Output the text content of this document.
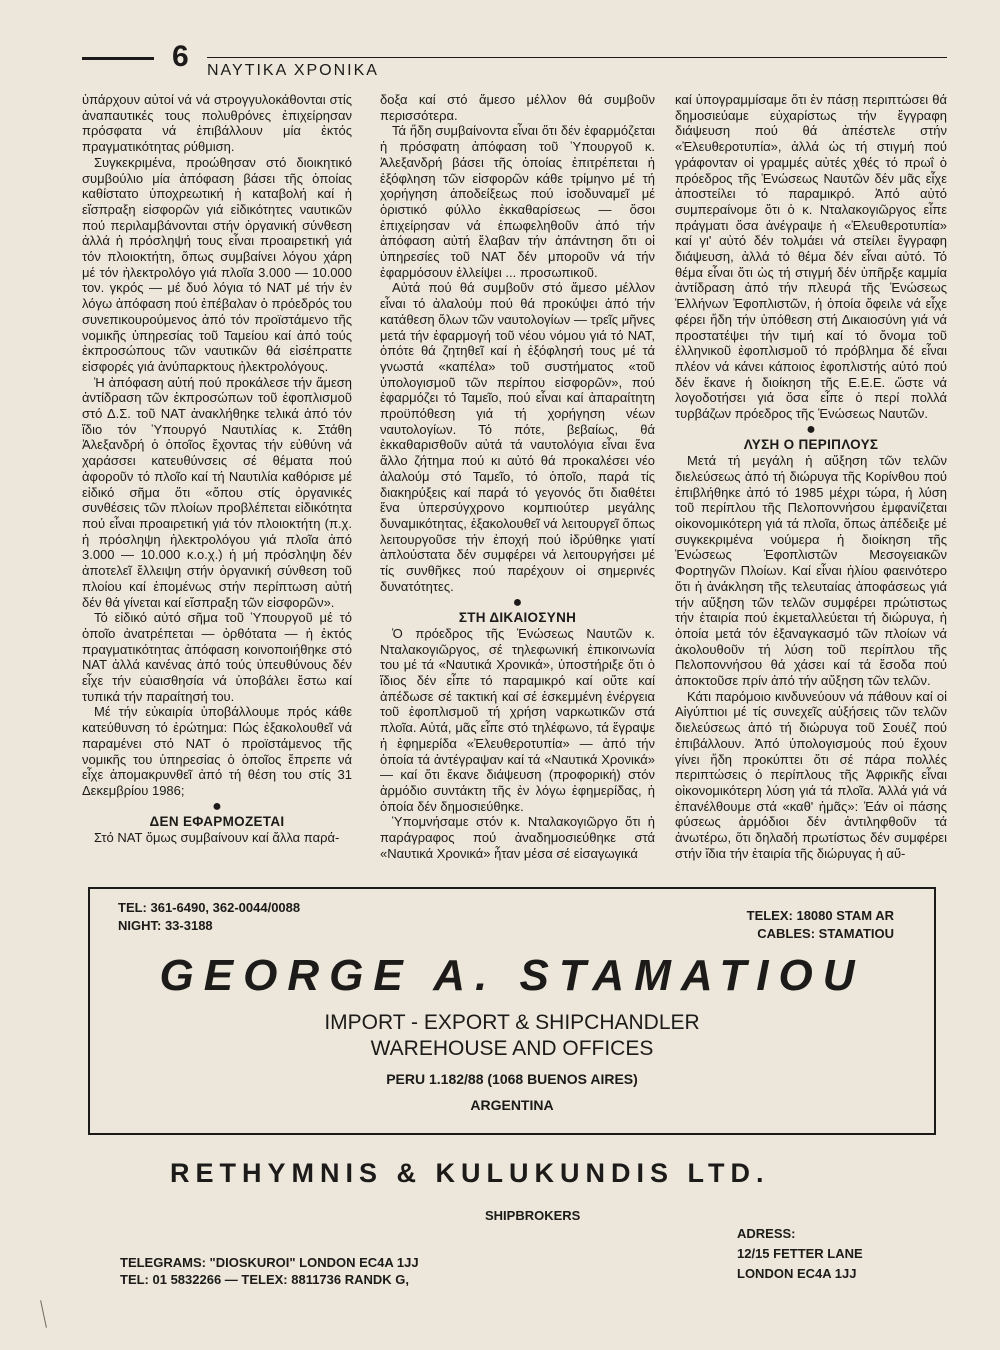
6 ΝΑΥΤΙΚΑ ΧΡΟΝΙΚΑ

ὑπάρχουν αὐτοί νά νά στρογγυλοκάθονται στίς ἀναπαυτικές τους πολυθρόνες ἐπιχείρησαν πρόσφατα νά ἐπιβάλλουν μία ἐκτός πραγματικότητας ρύθμιση.

Συγκεκριμένα, προώθησαν στό διοικητικό συμβούλιο μία ἀπόφαση βάσει τῆς ὁποίας καθίστατο ὑποχρεωτική ἡ καταβολή καί ἡ εἴσπραξη εἰσφορῶν γιά εἰδικότητες ναυτικῶν πού περιλαμβάνονται στήν ὀργανική σύνθεση ἀλλά ἡ πρόσληψή τους εἶναι προαιρετική γιά τόν πλοιοκτήτη, ὅπως συμβαίνει λόγου χάρη μέ τόν ἠλεκτρολόγο γιά πλοῖα 3.000 — 10.000 τον. γκρός — μέ δυό λόγια τό ΝΑΤ μέ τήν ἐν λόγω ἀπόφαση πού ἐπέβαλαν ὁ πρόεδρός του συνεπικουρούμενος ἀπό τόν προϊστάμενο τῆς νομικῆς ὑπηρεσίας τοῦ Ταμείου καί ἀπό τούς ἐκπροσώπους τῶν ναυτικῶν θά εἰσέπραττε εἰσφορές γιά ἀνύπαρκτους ἠλεκτρολόγους.

Ἡ ἀπόφαση αὐτή πού προκάλεσε τήν ἄμεση ἀντίδραση τῶν ἐκπροσώπων τοῦ ἐφοπλισμοῦ στό Δ.Σ. τοῦ ΝΑΤ ἀνακλήθηκε τελικά ἀπό τόν ἴδιο τόν Ὑπουργό Ναυτιλίας κ. Στάθη Ἀλεξανδρή ὁ ὁποῖος ἔχοντας τήν εὐθύνη νά χαράσσει κατευθύνσεις σέ θέματα πού ἀφοροῦν τό πλοῖο καί τή Ναυτιλία καθόρισε μέ εἰδικό σῆμα ὅτι «ὅπου στίς ὀργανικές συνθέσεις τῶν πλοίων προβλέπεται εἰδικότητα πού εἶναι προαιρετική γιά τόν πλοιοκτήτη (π.χ. ἡ πρόσληψη ἠλεκτρολόγου γιά πλοῖα ἀπό 3.000 — 10.000 κ.ο.χ.) ἡ μή πρόσληψη δέν ἀποτελεῖ ἔλλειψη στήν ὀργανική σύνθεση τοῦ πλοίου καί ἑπομένως στήν περίπτωση αὐτή δέν θά γίνεται καί εἴσπραξη τῶν εἰσφορῶν».

Τό εἰδικό αὐτό σῆμα τοῦ Ὑπουργοῦ μέ τό ὁποῖο ἀνατρέπεται — ὀρθότατα — ἡ ἐκτός πραγματικότητας ἀπόφαση κοινοποιήθηκε στό ΝΑΤ ἀλλά κανένας ἀπό τούς ὑπευθύνους δέν εἶχε τήν εὐαισθησία νά ὑποβάλει ἔστω καί τυπικά τήν παραίτησή του.

Μέ τήν εὐκαιρία ὑποβάλλουμε πρός κάθε κατεύθυνση τό ἐρώτημα: Πώς ἐξακολουθεῖ νά παραμένει στό ΝΑΤ ὁ προϊστάμενος τῆς νομικῆς του ὑπηρεσίας ὁ ὁποῖος ἔπρεπε νά εἶχε ἀπομακρυνθεῖ ἀπό τή θέση του στίς 31 Δεκεμβρίου 1986;

●

ΔΕΝ ΕΦΑΡΜΟΖΕΤΑΙ

Στό ΝΑΤ ὅμως συμβαίνουν καί ἄλλα παρά-

δοξα καί στό ἄμεσο μέλλον θά συμβοῦν περισσότερα.

Τά ἤδη συμβαίνοντα εἶναι ὅτι δέν ἐφαρμόζεται ἡ πρόσφατη ἀπόφαση τοῦ Ὑπουργοῦ κ. Ἀλεξανδρή βάσει τῆς ὁποίας ἐπιτρέπεται ἡ ἐξόφληση τῶν εἰσφορῶν κάθε τρίμηνο μέ τή χορήγηση ἀποδείξεως πού ἰσοδυναμεῖ μέ ὁριστικό φύλλο ἐκκαθαρίσεως — ὅσοι ἐπιχείρησαν νά ἐπωφεληθοῦν ἀπό τήν ἀπόφαση αὐτή ἔλαβαν τήν ἀπάντηση ὅτι οἱ ὑπηρεσίες τοῦ ΝΑΤ δέν μποροῦν νά τήν ἐφαρμόσουν ἐλλείψει ... προσωπικοῦ.

Αὐτά πού θά συμβοῦν στό ἄμεσο μέλλον εἶναι τό ἀλαλούμ πού θά προκύψει ἀπό τήν κατάθεση ὅλων τῶν ναυτολογίων — τρεῖς μῆνες μετά τήν ἐφαρμογή τοῦ νέου νόμου γιά τό ΝΑΤ, ὁπότε θά ζητηθεῖ καί ἡ ἐξόφλησή τους μέ τά γνωστά «καπέλα» τοῦ συστήματος «τοῦ ὑπολογισμοῦ τῶν περίπου εἰσφορῶν», πού ἐφαρμόζει τό Ταμεῖο, πού εἶναι καί ἀπαραίτητη προϋπόθεση γιά τή χορήγηση νέων ναυτολογίων. Τό πότε, βεβαίως, θά ἐκκαθαρισθοῦν αὐτά τά ναυτολόγια εἶναι ἕνα ἄλλο ζήτημα πού κι αὐτό θά προκαλέσει νέο ἀλαλούμ στό Ταμεῖο, τό ὁποῖο, παρά τίς διακηρύξεις καί παρά τό γεγονός ὅτι διαθέτει ἕνα ὑπερσύγχρονο κομπιούτερ μεγάλης δυναμικότητας, ἐξακολουθεῖ νά λειτουργεῖ ὅπως λειτουργοῦσε τήν ἐποχή πού ἱδρύθηκε γιατί ἁπλούστατα δέν συμφέρει νά λειτουργήσει μέ τίς συνθῆκες πού παρέχουν οἱ σημερινές δυνατότητες.

●

ΣΤΗ ΔΙΚΑΙΟΣΥΝΗ

Ὁ πρόεδρος τῆς Ἑνώσεως Ναυτῶν κ. Νταλακογιῶργος, σέ τηλεφωνική ἐπικοινωνία του μέ τά «Ναυτικά Χρονικά», ὑποστήριξε ὅτι ὁ ἴδιος δέν εἶπε τό παραμικρό καί οὔτε καί ἀπέδωσε σέ τακτική καί σέ ἐσκεμμένη ἐνέργεια τοῦ ἐφοπλισμοῦ τή χρήση ναρκωτικῶν στά πλοῖα. Αὐτά, μᾶς εἶπε στό τηλέφωνο, τά ἔγραψε ἡ ἐφημερίδα «Ἐλευθεροτυπία» — ἀπό τήν ὁποία τά ἀντέγραψαν καί τά «Ναυτικά Χρονικά» — καί ὅτι ἔκανε διάψευση (προφορική) στόν ἁρμόδιο συντάκτη τῆς ἐν λόγω ἐφημερίδας, ἡ ὁποία δέν δημοσιεύθηκε.

Ὑπομνήσαμε στόν κ. Νταλακογιῶργο ὅτι ἡ παράγραφος πού ἀναδημοσιεύθηκε στά «Ναυτικά Χρονικά» ἦταν μέσα σέ εἰσαγωγικά

καί ὑπογραμμίσαμε ὅτι ἐν πάσῃ περιπτώσει θά δημοσιεύαμε εὐχαρίστως τήν ἔγγραφη διάψευση πού θά ἀπέστελε στήν «Ἐλευθεροτυπία», ἀλλά ὡς τή στιγμή πού γράφονταν οἱ γραμμές αὐτές χθές τό πρωΐ ὁ πρόεδρος τῆς Ἑνώσεως Ναυτῶν δέν μᾶς εἶχε ἀποστείλει τό παραμικρό. Ἀπό αὐτό συμπεραίνομε ὅτι ὁ κ. Νταλακογιῶργος εἶπε πράγματι ὅσα ἀνέγραψε ἡ «Ἐλευθεροτυπία» καί γι' αὐτό δέν τολμάει νά στείλει ἔγγραφη διάψευση, ἀλλά τό θέμα δέν εἶναι αὐτό. Τό θέμα εἶναι ὅτι ὡς τή στιγμή δέν ὑπῆρξε καμμία ἀντίδραση ἀπό τήν πλευρά τῆς Ἑνώσεως Ἑλλήνων Ἐφοπλιστῶν, ἡ ὁποία ὄφειλε νά εἶχε φέρει ἤδη τήν ὑπόθεση στή Δικαιοσύνη γιά νά προστατέψει τήν τιμή καί τό ὄνομα τοῦ ἑλληνικοῦ ἐφοπλισμοῦ τό πρόβλημα δέ εἶναι πλέον νά κάνει κάποιος ἐφοπλιστής αὐτό πού δέν ἔκανε ἡ διοίκηση τῆς Ε.Ε.Ε. ὥστε νά λογοδοτήσει γιά ὅσα εἶπε ὁ περί πολλά τυρβάζων πρόεδρος τῆς Ἑνώσεως Ναυτῶν.

●

ΛΥΣΗ Ο ΠΕΡΙΠΛΟΥΣ

Μετά τή μεγάλη ἡ αὔξηση τῶν τελῶν διελεύσεως ἀπό τή διώρυγα τῆς Κορίνθου πού ἐπιβλήθηκε ἀπό τό 1985 μέχρι τώρα, ἡ λύση τοῦ περίπλου τῆς Πελοποννήσου ἐμφανίζεται οἰκονομικότερη γιά τά πλοῖα, ὅπως ἀπέδειξε μέ συγκεκριμένα νούμερα ἡ διοίκηση τῆς Ἑνώσεως Ἐφοπλιστῶν Μεσογειακῶν Φορτηγῶν Πλοίων. Καί εἶναι ἡλίου φαεινότερο ὅτι ἡ ἀνάκληση τῆς τελευταίας ἀποφάσεως γιά τήν αὔξηση τῶν τελῶν συμφέρει πρώτιστως τήν ἑταιρία πού ἐκμεταλλεύεται τή διώρυγα, ἡ ὁποία μετά τόν ἐξαναγκασμό τῶν πλοίων νά ἀκολουθοῦν τή λύση τοῦ περίπλου τῆς Πελοποννήσου θά χάσει καί τά ἔσοδα πού ἀποκτοῦσε πρίν ἀπό τήν αὔξηση τῶν τελῶν.

Κάτι παρόμοιο κινδυνεύουν νά πάθουν καί οἱ Αἰγύπτιοι μέ τίς συνεχεῖς αὐξήσεις τῶν τελῶν διελεύσεως ἀπό τή διώρυγα τοῦ Σουέζ πού ἐπιβάλλουν. Ἀπό ὑπολογισμούς πού ἔχουν γίνει ἤδη προκύπτει ὅτι σέ πάρα πολλές περιπτώσεις ὁ περίπλους τῆς Ἀφρικῆς εἶναι οἰκονομικότερη λύση γιά τά πλοῖα. Ἀλλά γιά νά ἐπανέλθουμε στά «καθ' ἡμᾶς»: Ἐάν οἱ πάσης φύσεως ἁρμόδιοι δέν ἀντιληφθοῦν τά ἀνωτέρω, ὅτι δηλαδή πρωτίστως δέν συμφέρει στήν ἴδια τήν ἑταιρία τῆς διώρυγας ἡ αὔ-

TEL: 361-6490, 362-0044/0088
NIGHT: 33-3188
TELEX: 18080 STAM AR
CABLES: STAMATIOU
GEORGE A. STAMATIOU
IMPORT - EXPORT & SHIPCHANDLER
WAREHOUSE AND OFFICES
PERU 1.182/88 (1068 BUENOS AIRES)
ARGENTINA
RETHYMNIS & KULUKUNDIS LTD.
SHIPBROKERS
TELEGRAMS: "DIOSKUROI" LONDON EC4A 1JJ
TEL: 01 5832266 — TELEX: 8811736 RANDK G,
ADRESS:
12/15 FETTER LANE
LONDON EC4A 1JJ
